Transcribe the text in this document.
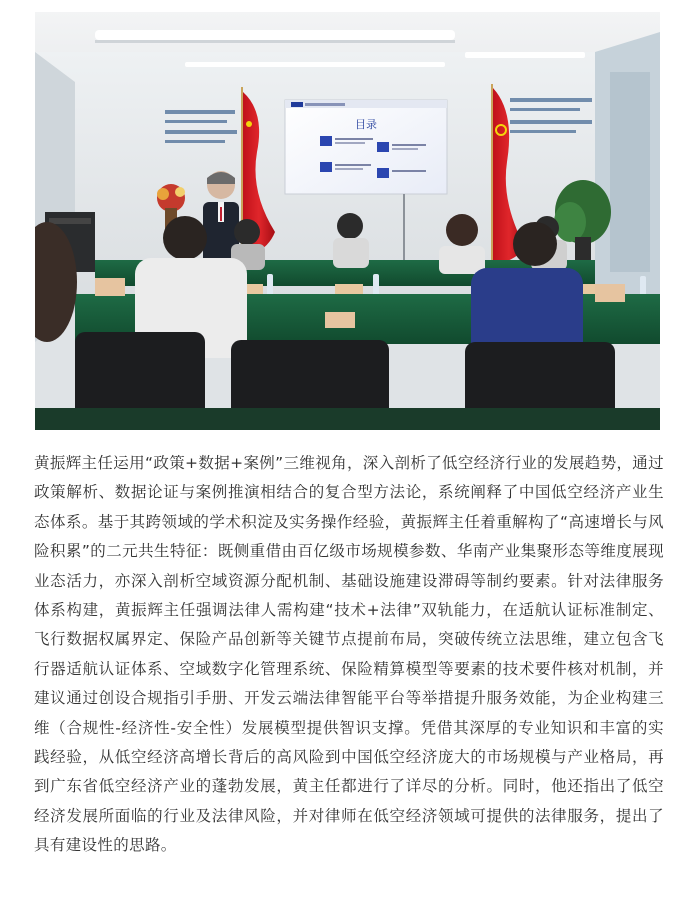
目录

黄振辉主任运用“政策+数据+案例”三维视角，深入剖析了低空经济行业的发展趋势，通过政策解析、数据论证与案例推演相结合的复合型方法论，系统阐释了中国低空经济产业生态体系。基于其跨领域的学术积淀及实务操作经验，黄振辉主任着重解构了“高速增长与风险积累”的二元共生特征：既侧重借由百亿级市场规模参数、华南产业集聚形态等维度展现业态活力，亦深入剖析空域资源分配机制、基础设施建设滞碍等制约要素。针对法律服务体系构建，黄振辉主任强调法律人需构建“技术+法律”双轨能力，在适航认证标准制定、飞行数据权属界定、保险产品创新等关键节点提前布局，突破传统立法思维，建立包含飞行器适航认证体系、空域数字化管理系统、保险精算模型等要素的技术要件核对机制，并建议通过创设合规指引手册、开发云端法律智能平台等举措提升服务效能，为企业构建三维（合规性-经济性-安全性）发展模型提供智识支撑。凭借其深厚的专业知识和丰富的实践经验，从低空经济高增长背后的高风险到中国低空经济庞大的市场规模与产业格局，再到广东省低空经济产业的蓬勃发展，黄主任都进行了详尽的分析。同时，他还指出了低空经济发展所面临的行业及法律风险，并对律师在低空经济领域可提供的法律服务，提出了具有建设性的思路。
